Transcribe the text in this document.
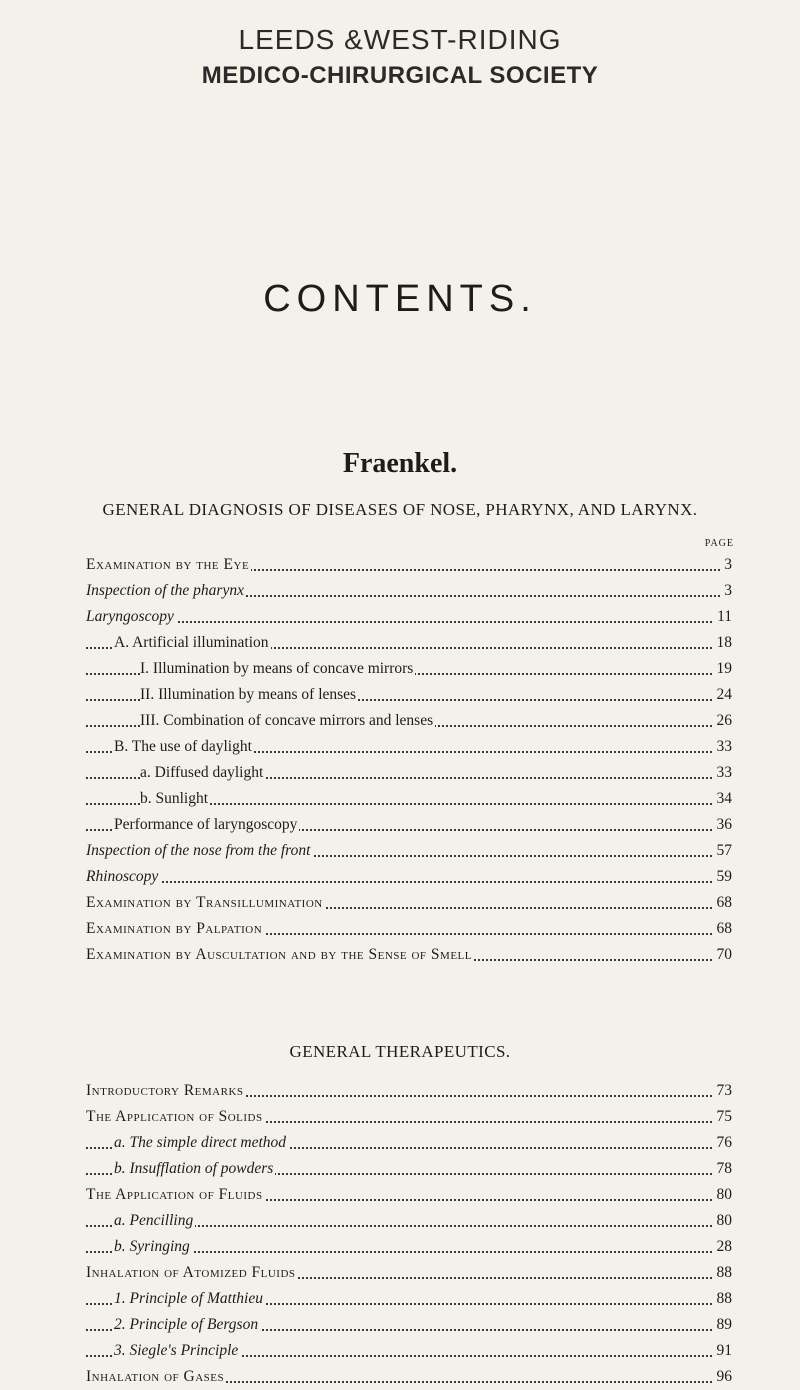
LEEDS &WEST-RIDING
MEDICO-CHIRURGICAL SOCIETY
CONTENTS.
Fraenkel.
GENERAL DIAGNOSIS OF DISEASES OF NOSE, PHARYNX, AND LARYNX.
PAGE
Examination by the Eye	3
Inspection of the pharynx	3
Laryngoscopy	11
A. Artificial illumination	18
I. Illumination by means of concave mirrors	19
II. Illumination by means of lenses	24
III. Combination of concave mirrors and lenses	26
B. The use of daylight	33
a. Diffused daylight	33
b. Sunlight	34
Performance of laryngoscopy	36
Inspection of the nose from the front	57
Rhinoscopy	59
Examination by Transillumination	68
Examination by Palpation	68
Examination by Auscultation and by the Sense of Smell	70
GENERAL THERAPEUTICS.
Introductory Remarks	73
The Application of Solids	75
a. The simple direct method	76
b. Insufflation of powders	78
The Application of Fluids	80
a. Pencilling	80
b. Syringing	28
Inhalation of Atomized Fluids	88
1. Principle of Matthieu	88
2. Principle of Bergson	89
3. Siegle's Principle	91
Inhalation of Gases	96
